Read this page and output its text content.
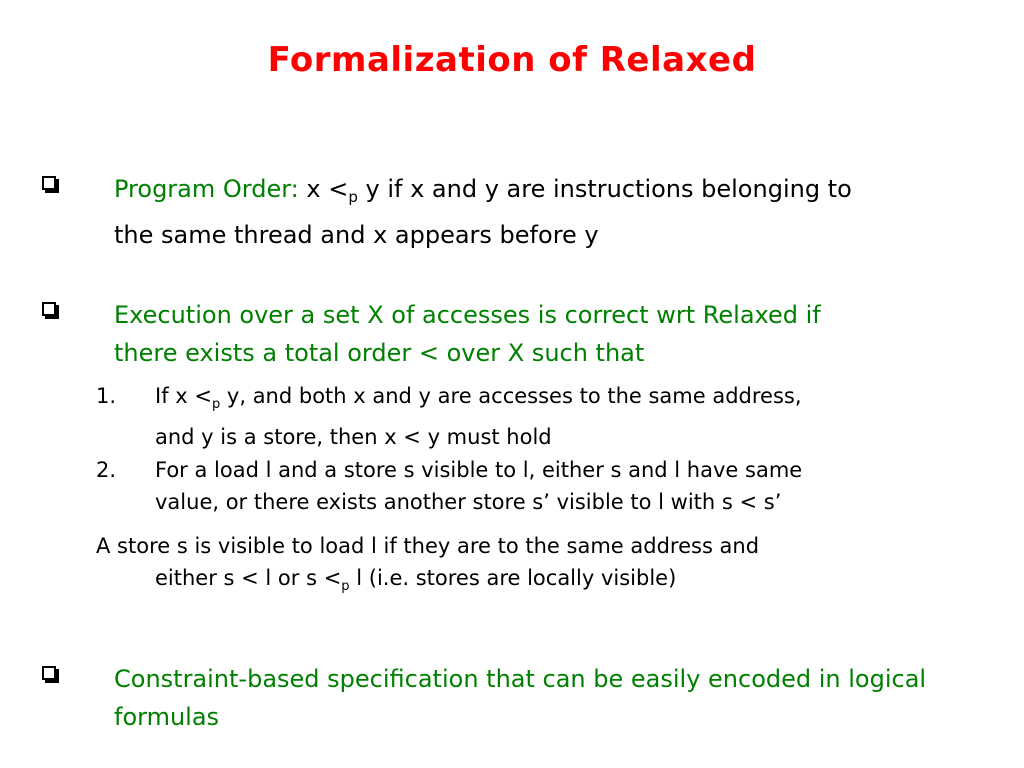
Formalization of Relaxed
Program Order: $x <_p$ y if x and y are instructions belonging to
the same thread and x appears before y
Execution over a set X of accesses is correct wrt Relaxed if
there exists a total order < over X such that
1. If $x <_p$ y, and both x and y are accesses to the same address,
and y is a store, then x < y must hold
2. For a load l and a store s visible to l, either s and l have same
value, or there exists another store s’ visible to l with s < s’
A store s is visible to load l if they are to the same address and
either s < l or $s <_p$ l (i.e. stores are locally visible)
Constraint-based specification that can be easily encoded in logical
formulas
